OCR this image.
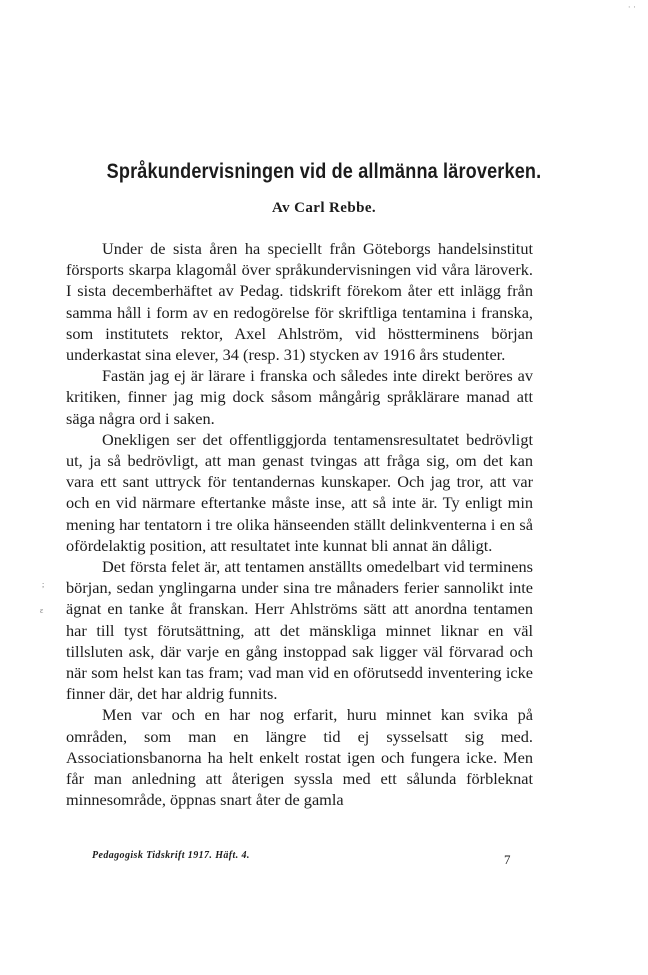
· ·
Språkundervisningen vid de allmänna läroverken.

Av Carl Rebbe.

Under de sista åren ha speciellt från Göteborgs handelsinstitut försports skarpa klagomål över språkundervisningen vid våra läroverk. I sista decemberhäftet av Pedag. tidskrift förekom åter ett inlägg från samma håll i form av en redogörelse för skriftliga tentamina i franska, som institutets rektor, Axel Ahlström, vid höstterminens början underkastat sina elever, 34 (resp. 31) stycken av 1916 års studenter.

Fastän jag ej är lärare i franska och således inte direkt beröres av kritiken, finner jag mig dock såsom mångårig språklärare manad att säga några ord i saken.

Onekligen ser det offentliggjorda tentamensresultatet bedrövligt ut, ja så bedrövligt, att man genast tvingas att fråga sig, om det kan vara ett sant uttryck för tentandernas kunskaper. Och jag tror, att var och en vid närmare eftertanke måste inse, att så inte är. Ty enligt min mening har tentatorn i tre olika hänseenden ställt delinkventerna i en så ofördelaktig position, att resultatet inte kunnat bli annat än dåligt.

Det första felet är, att tentamen anställts omedelbart vid terminens början, sedan ynglingarna under sina tre månaders ferier sannolikt inte ägnat en tanke åt franskan. Herr Ahlströms sätt att anordna tentamen har till tyst förutsättning, att det mänskliga minnet liknar en väl tillsluten ask, där varje en gång instoppad sak ligger väl förvarad och när som helst kan tas fram; vad man vid en oförutsedd inventering icke finner där, det har aldrig funnits.

Men var och en har nog erfarit, huru minnet kan svika på områden, som man en längre tid ej sysselsatt sig med. Associationsbanorna ha helt enkelt rostat igen och fungera icke. Men får man anledning att återigen syssla med ett sålunda förbleknat minnesområde, öppnas snart åter de gamla

;
ε
Pedagogisk Tidskrift 1917. Häft. 4.	7
